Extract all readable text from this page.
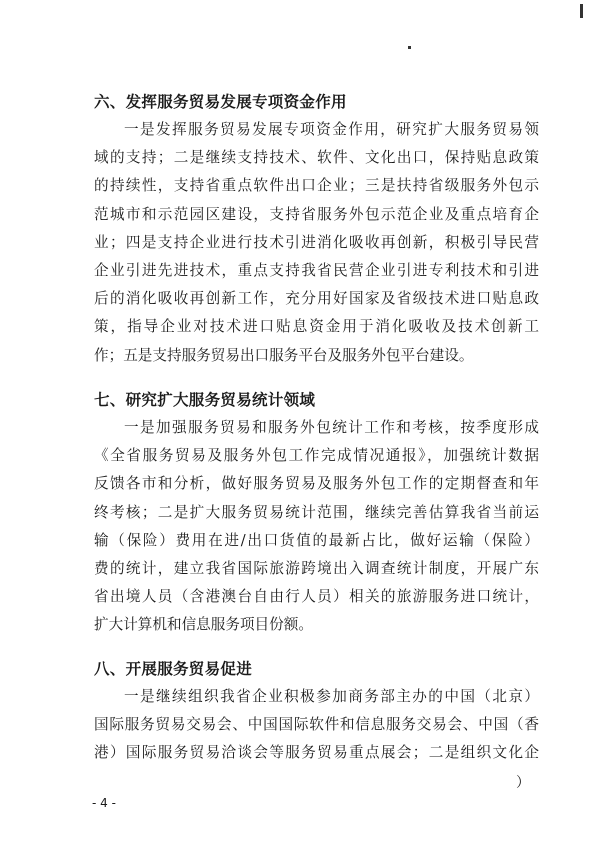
六、发挥服务贸易发展专项资金作用
一是发挥服务贸易发展专项资金作用，研究扩大服务贸易领
域的支持；二是继续支持技术、软件、文化出口，保持贴息政策
的持续性，支持省重点软件出口企业；三是扶持省级服务外包示
范城市和示范园区建设，支持省服务外包示范企业及重点培育企
业；四是支持企业进行技术引进消化吸收再创新，积极引导民营
企业引进先进技术，重点支持我省民营企业引进专利技术和引进
后的消化吸收再创新工作，充分用好国家及省级技术进口贴息政
策，指导企业对技术进口贴息资金用于消化吸收及技术创新工
作；五是支持服务贸易出口服务平台及服务外包平台建设。
七、研究扩大服务贸易统计领域
一是加强服务贸易和服务外包统计工作和考核，按季度形成
《全省服务贸易及服务外包工作完成情况通报》，加强统计数据
反馈各市和分析，做好服务贸易及服务外包工作的定期督查和年
终考核；二是扩大服务贸易统计范围，继续完善估算我省当前运
输（保险）费用在进/出口货值的最新占比，做好运输（保险）
费的统计，建立我省国际旅游跨境出入调查统计制度，开展广东
省出境人员（含港澳台自由行人员）相关的旅游服务进口统计，
扩大计算机和信息服务项目份额。
八、开展服务贸易促进
一是继续组织我省企业积极参加商务部主办的中国（北京）
国际服务贸易交易会、中国国际软件和信息服务交易会、中国（香
港）国际服务贸易洽谈会等服务贸易重点展会；二是组织文化企
）
- 4 -
